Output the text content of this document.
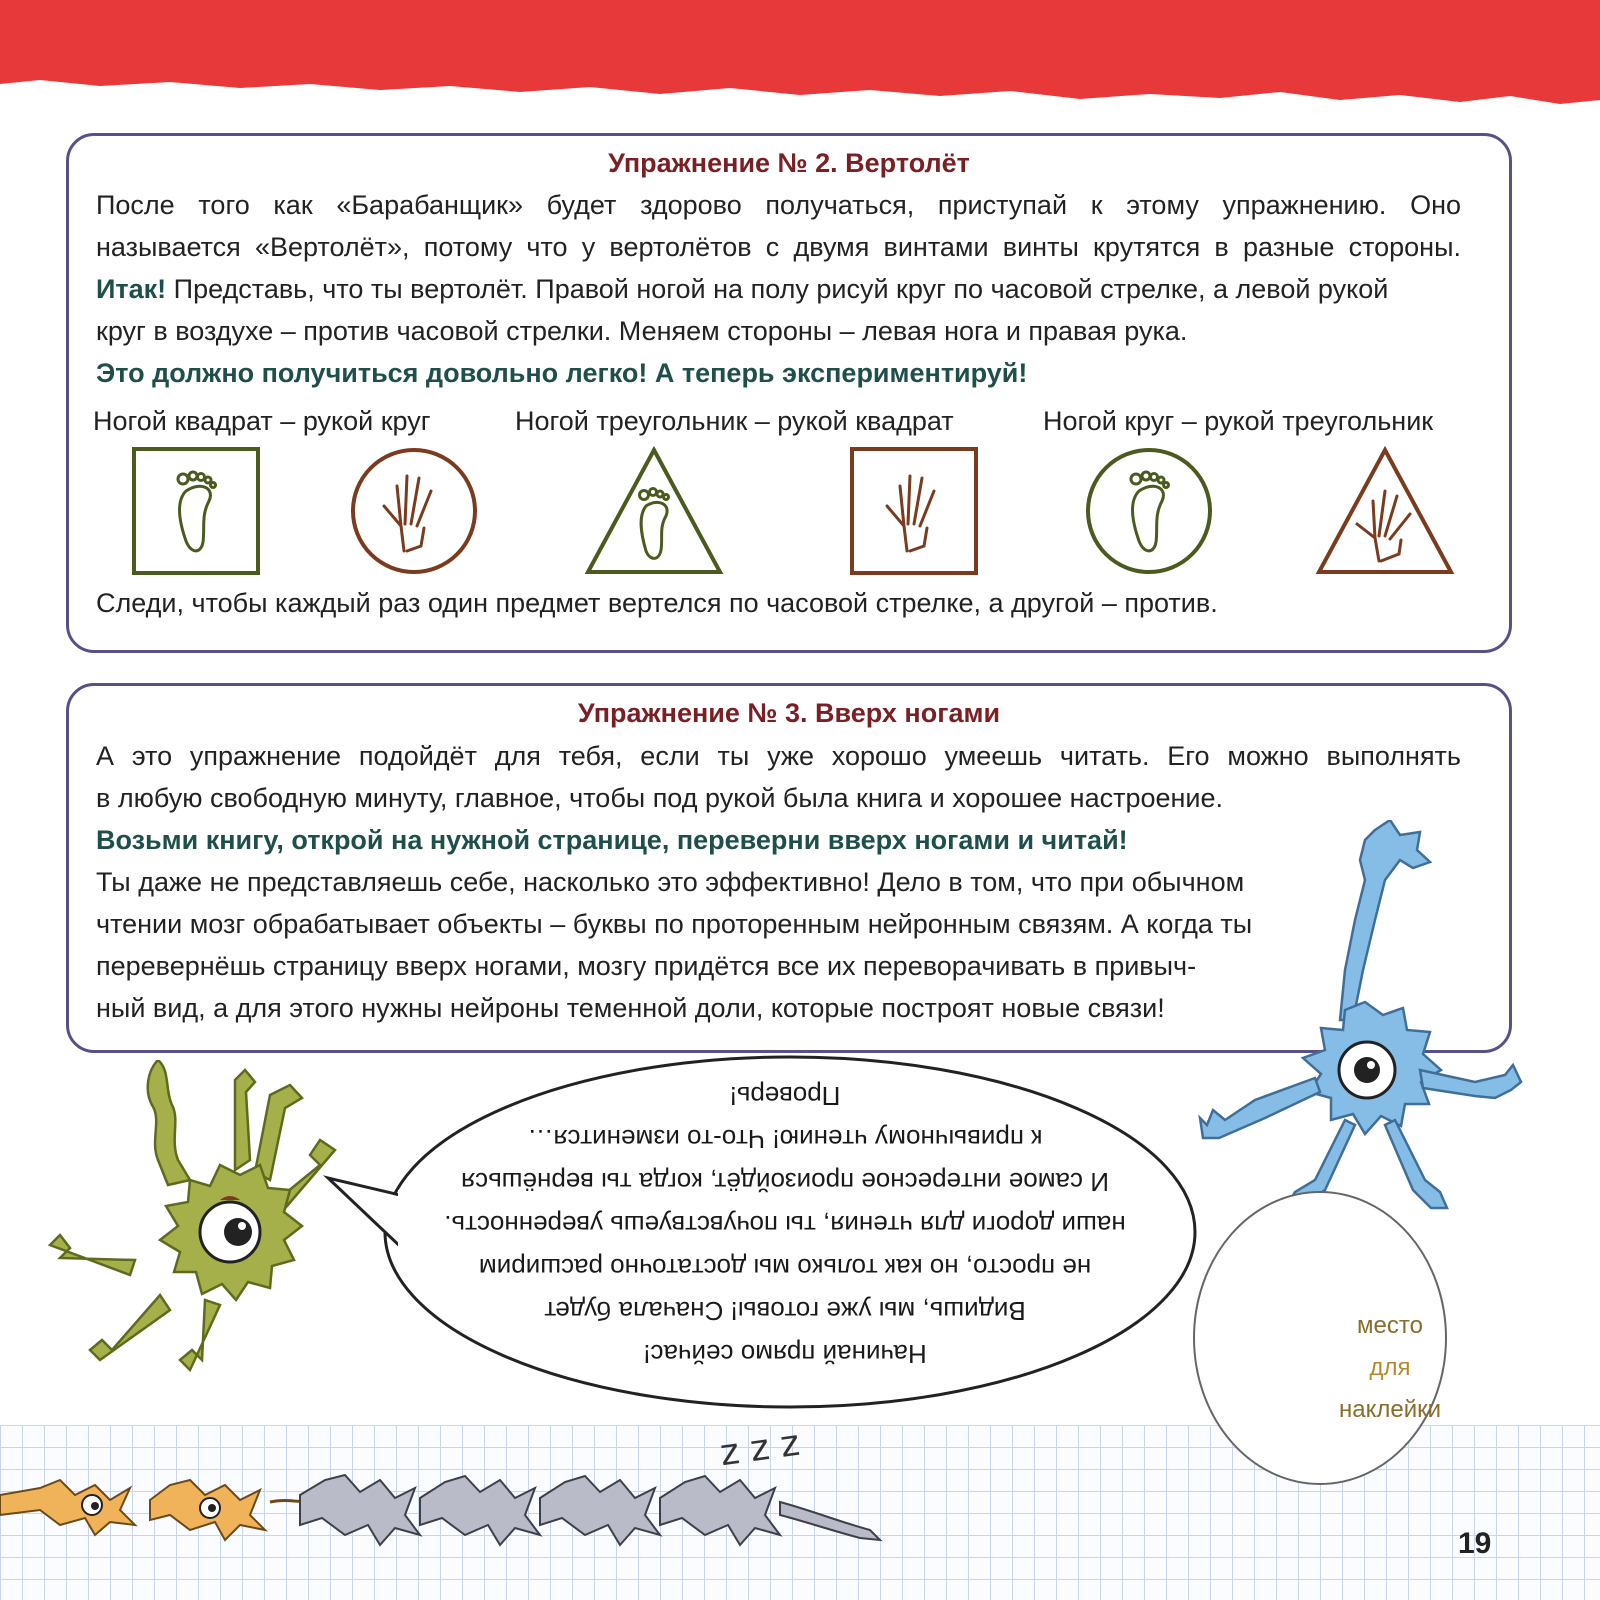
Упражнение № 2. Вертолёт
После того как «Барабанщик» будет здорово получаться, приступай к этому упражнению. Оно
называется «Вертолёт», потому что у вертолётов с двумя винтами винты крутятся в разные стороны.
Итак! Представь, что ты вертолёт. Правой ногой на полу рисуй круг по часовой стрелке, а левой рукой
круг в воздухе – против часовой стрелки. Меняем стороны – левая нога и правая рука.
Это должно получиться довольно легко! А теперь экспериментируй!
Ногой квадрат – рукой круг	Ногой треугольник – рукой квадрат	Ногой круг – рукой треугольник
Следи, чтобы каждый раз один предмет вертелся по часовой стрелке, а другой – против.
Упражнение № 3. Вверх ногами
А это упражнение подойдёт для тебя, если ты уже хорошо умеешь читать. Его можно выполнять
в любую свободную минуту, главное, чтобы под рукой была книга и хорошее настроение.
Возьми книгу, открой на нужной странице, переверни вверх ногами и читай!
Ты даже не представляешь себе, насколько это эффективно! Дело в том, что при обычном
чтении мозг обрабатывает объекты – буквы по проторенным нейронным связям. А когда ты
перевернёшь страницу вверх ногами, мозгу придётся все их переворачивать в привыч-
ный вид, а для этого нужны нейроны теменной доли, которые построят новые связи!
Начинай прямо сейчас!
Видишь, мы уже готовы! Сначала будет
не просто, но как только мы достаточно расширим
наши дороги для чтения, ты почувствуешь уверенность.
И самое интересное произойдёт, когда ты вернёшься
к привычному чтению! Что-то изменится…
Проверь!
место
для
наклейки
z z z
19
